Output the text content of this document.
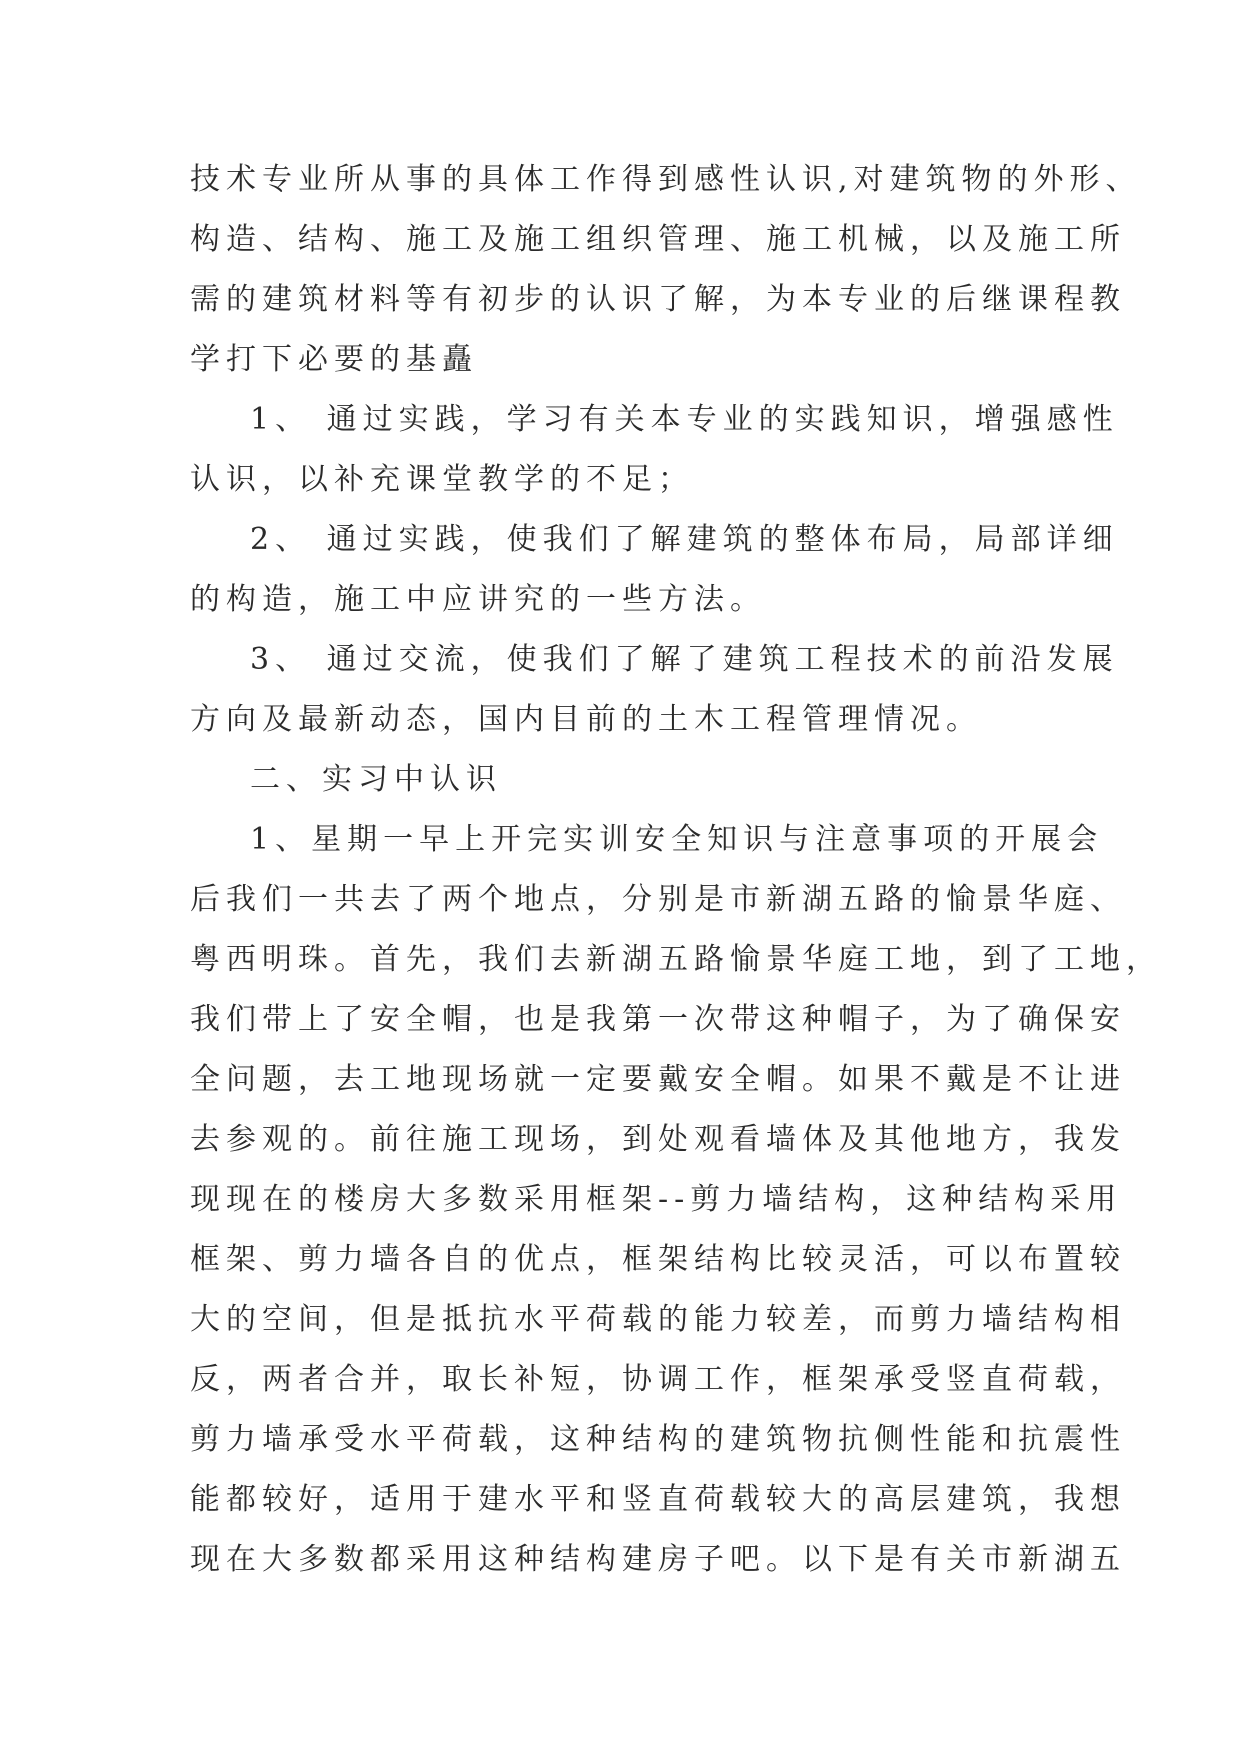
技术专业所从事的具体工作得到感性认识,对建筑物的外形、
构造、结构、施工及施工组织管理、施工机械，以及施工所
需的建筑材料等有初步的认识了解，为本专业的后继课程教
学打下必要的基矗
1、 通过实践，学习有关本专业的实践知识，增强感性
认识，以补充课堂教学的不足；
2、 通过实践，使我们了解建筑的整体布局，局部详细
的构造，施工中应讲究的一些方法。
3、 通过交流，使我们了解了建筑工程技术的前沿发展
方向及最新动态，国内目前的土木工程管理情况。
二、实习中认识
1、星期一早上开完实训安全知识与注意事项的开展会
后我们一共去了两个地点，分别是市新湖五路的愉景华庭、
粤西明珠。首先，我们去新湖五路愉景华庭工地，到了工地，
我们带上了安全帽，也是我第一次带这种帽子，为了确保安
全问题，去工地现场就一定要戴安全帽。如果不戴是不让进
去参观的。前往施工现场，到处观看墙体及其他地方，我发
现现在的楼房大多数采用框架--剪力墙结构，这种结构采用
框架、剪力墙各自的优点，框架结构比较灵活，可以布置较
大的空间，但是抵抗水平荷载的能力较差，而剪力墙结构相
反，两者合并，取长补短，协调工作，框架承受竖直荷载，
剪力墙承受水平荷载，这种结构的建筑物抗侧性能和抗震性
能都较好，适用于建水平和竖直荷载较大的高层建筑，我想
现在大多数都采用这种结构建房子吧。以下是有关市新湖五
